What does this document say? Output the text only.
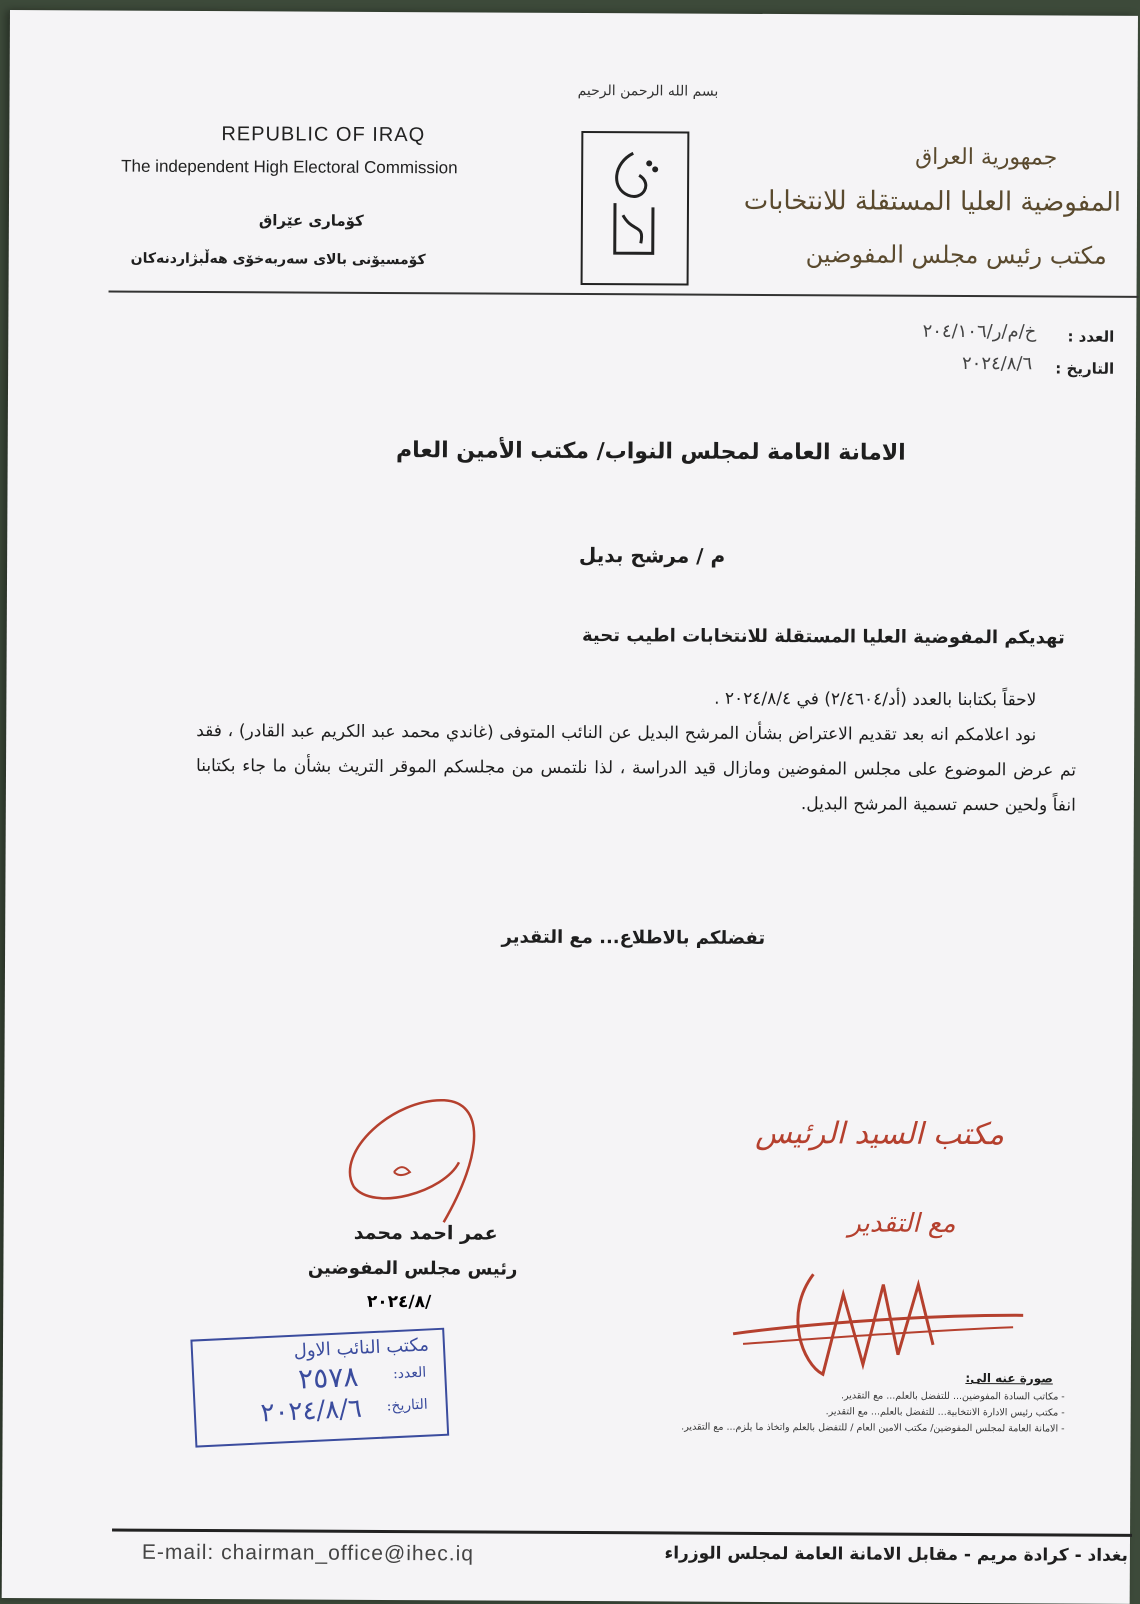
REPUBLIC OF IRAQ
The independent High Electoral Commission
كۆمارى عێراق
كۆمسیۆنى بالاى سەربەخۆى هەڵبژاردنەكان
بسم الله الرحمن الرحيم
جمهورية العراق
المفوضية العليا المستقلة للانتخابات
مكتب رئيس مجلس المفوضين
العدد :
خ/م/ر/٢٠٤/١٠٦
التاريخ :
٢٠٢٤/٨/٦
الامانة العامة لمجلس النواب/ مكتب الأمين العام
م / مرشح بديل
تهديكم المفوضية العليا المستقلة للانتخابات اطيب تحية

لاحقاً بكتابنا بالعدد (أد/٢/٤٦٠٤) في ٢٠٢٤/٨/٤ .

نود اعلامكم انه بعد تقديم الاعتراض بشأن المرشح البديل عن النائب المتوفى (غاندي محمد عبد الكريم عبد القادر) ، فقد تم عرض الموضوع على مجلس المفوضين ومازال قيد الدراسة ، لذا نلتمس من مجلسكم الموقر التريث بشأن ما جاء بكتابنا انفاً ولحين حسم تسمية المرشح البديل.

تفضلكم بالاطلاع... مع التقدير
عمر احمد محمد
رئيس مجلس المفوضين
٢٠٢٤/٨/
مكتب السيد الرئيس
مع التقدير
مكتب النائب الاول
العدد:
٢٥٧٨
التاريخ:
٢٠٢٤/٨/٦
صورة عنه الى:
- مكاتب السادة المفوضين... للتفضل بالعلم... مع التقدير.
- مكتب رئيس الادارة الانتخابية... للتفضل بالعلم... مع التقدير.
- الامانة العامة لمجلس المفوضين/ مكتب الامين العام / للتفضل بالعلم واتخاذ ما يلزم... مع التقدير.
E-mail: chairman_office@ihec.iq	بغداد - كرادة مريم - مقابل الامانة العامة لمجلس الوزراء
